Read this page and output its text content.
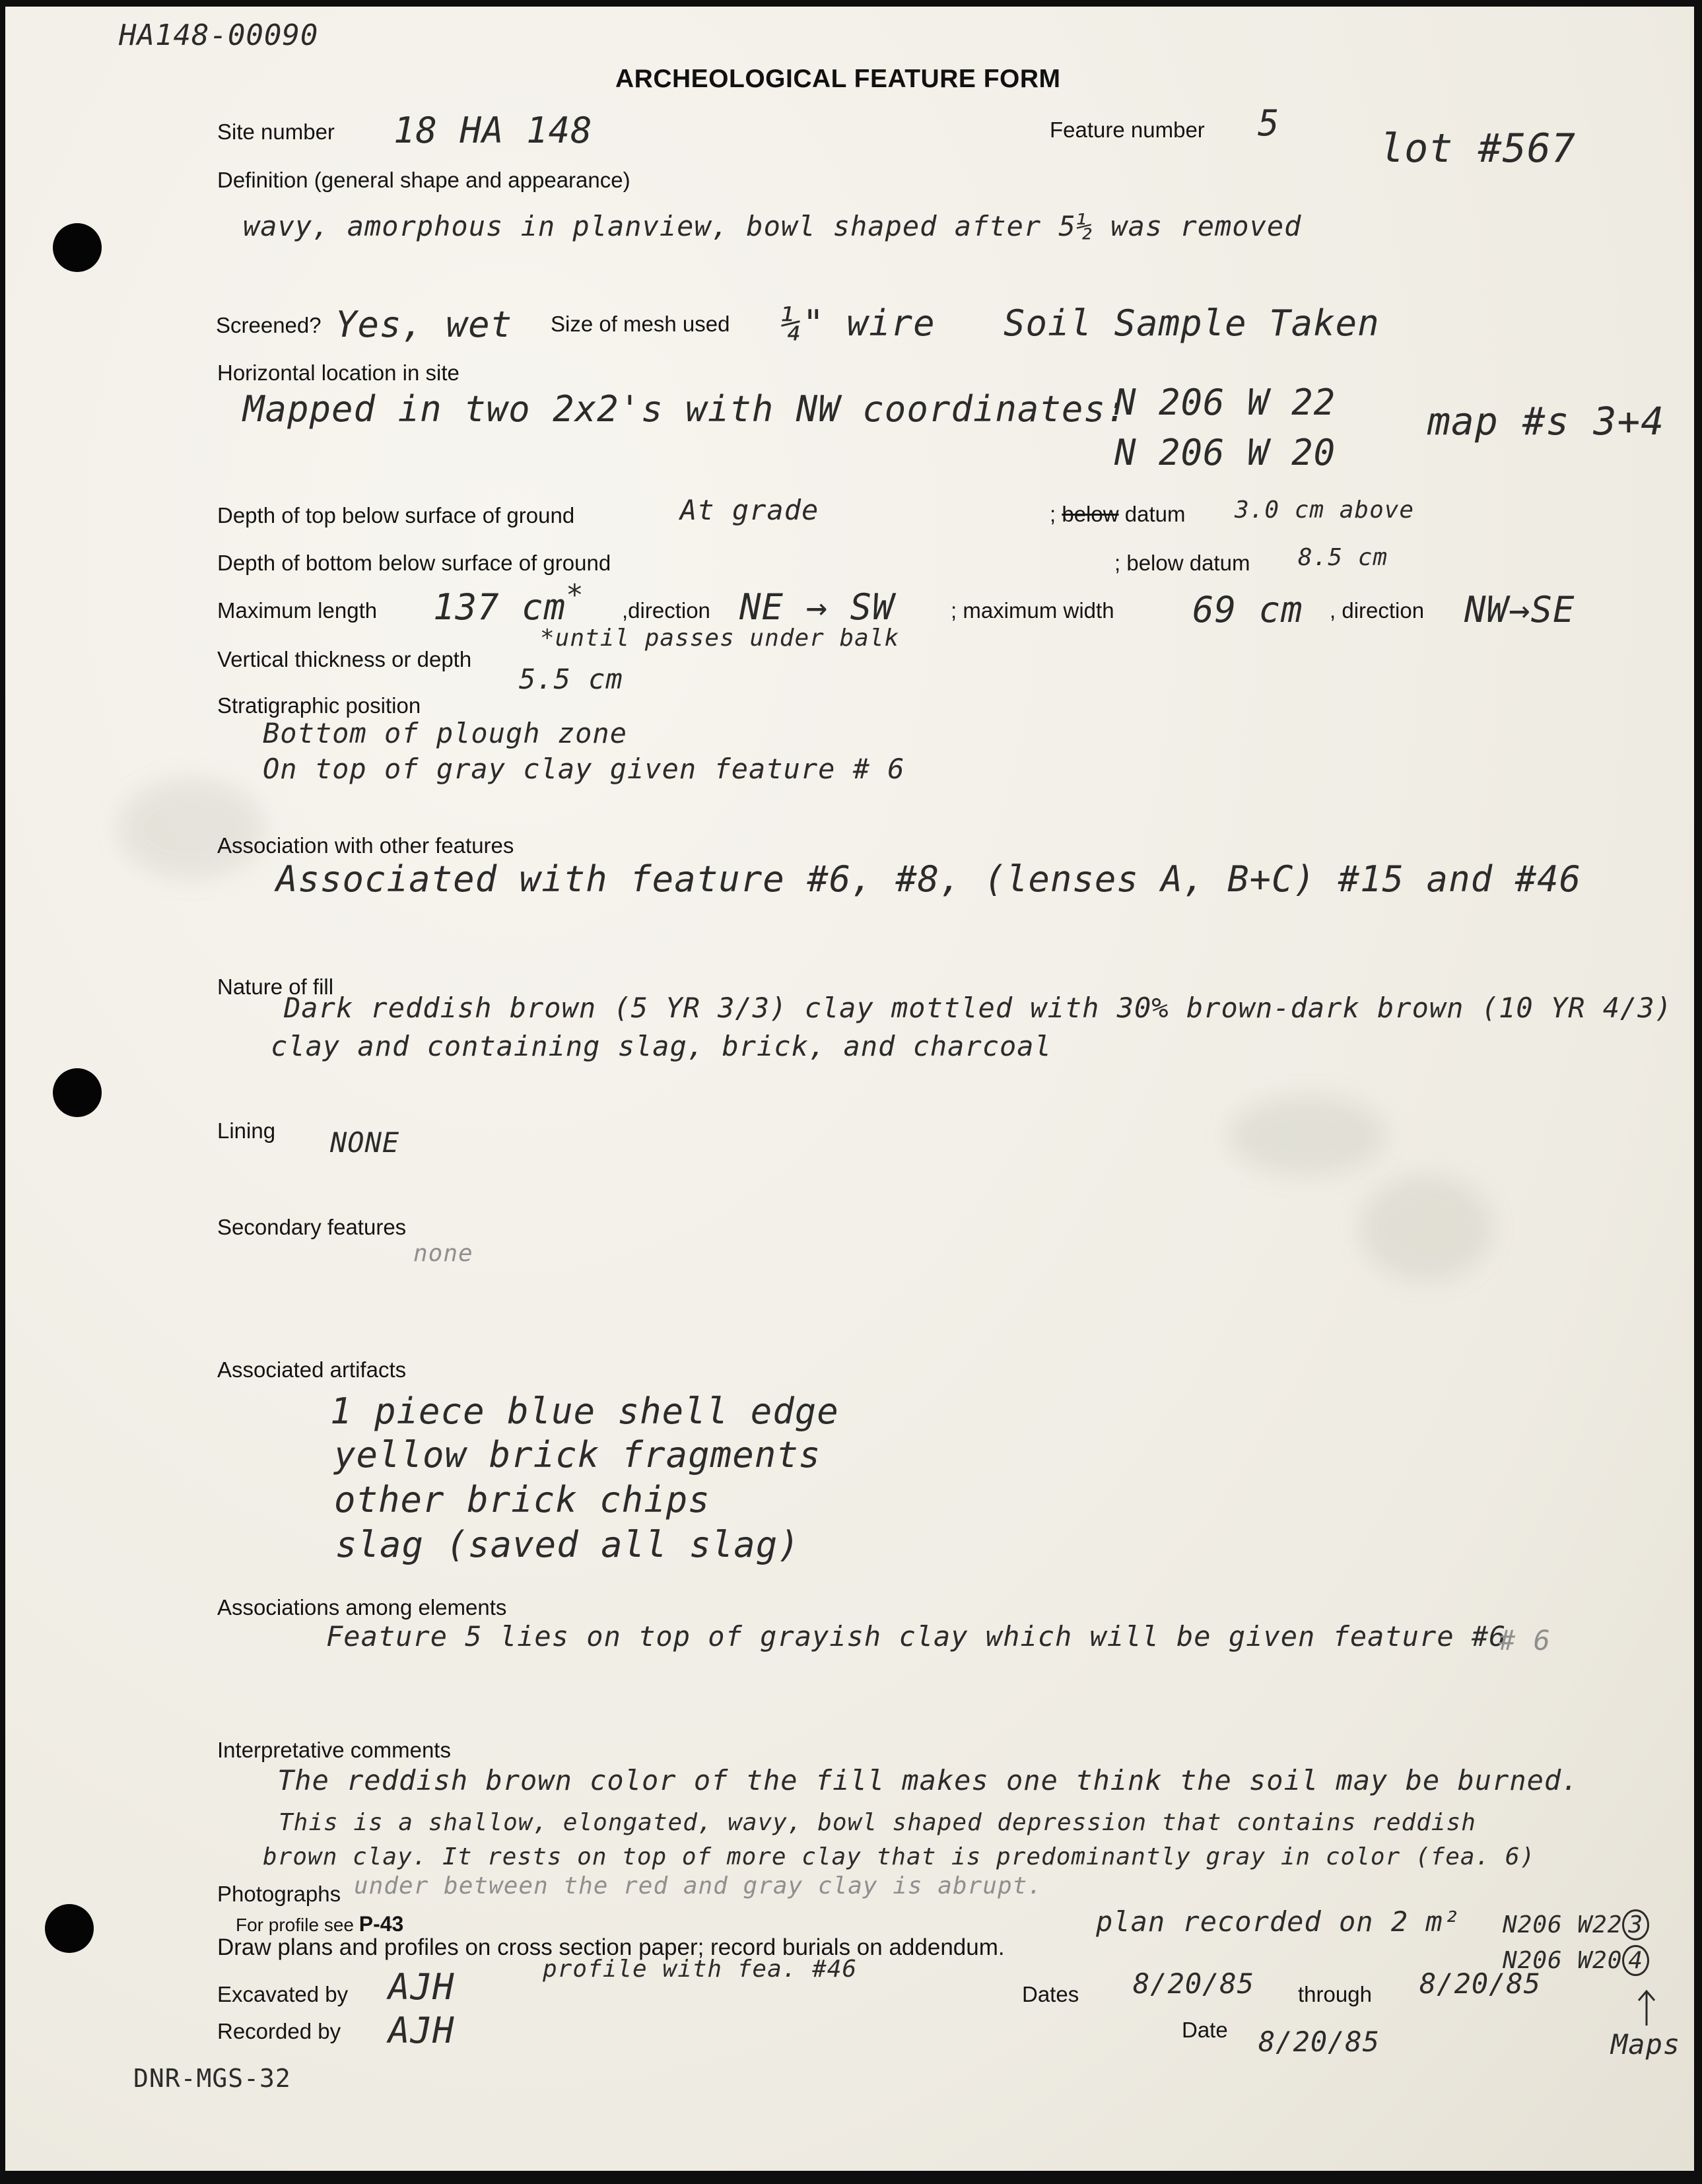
HA148-00090
ARCHEOLOGICAL FEATURE FORM
Site number 18 HA 148	Feature number 5
lot #567
Definition (general shape and appearance)
wavy, amorphous in planview, bowl shaped after 5½ was removed
Screened? Yes, wet Size of mesh used ¼" wire Soil Sample Taken
Horizontal location in site
Mapped in two 2x2's with NW coordinates:
N 206 W 22
N 206 W 20
map #s 3+4
Depth of top below surface of ground	At grade	; below datum 3.0 cm above
Depth of bottom below surface of ground	; below datum 8.5 cm
Maximum length 137 cm* ,direction NE → SW	; maximum width 69 cm , direction NW→SE
*until passes under balk
Vertical thickness or depth
5.5 cm
Stratigraphic position
Bottom of plough zone
On top of gray clay given feature # 6
Association with other features
Associated with feature #6, #8, (lenses A, B+C) #15 and #46
Nature of fill
Dark reddish brown (5 YR 3/3) clay mottled with 30% brown-dark brown (10 YR 4/3)
clay and containing slag, brick, and charcoal
Lining NONE
Secondary features
none
Associated artifacts
1 piece blue shell edge
yellow brick fragments
other brick chips
slag (saved all slag)
Associations among elements
Feature 5 lies on top of grayish clay which will be given feature #6
# 6
Interpretative comments
The reddish brown color of the fill makes one think the soil may be burned.
This is a shallow, elongated, wavy, bowl shaped depression that contains reddish
brown clay. It rests on top of more clay that is predominantly gray in color (fea. 6)
under between the red and gray clay is abrupt.
Photographs
For profile see P-43
Draw plans and profiles on cross section paper; record burials on addendum.
plan recorded on 2 m² N206 W22 3
N206 W20 4
profile with fea. #46
Excavated by AJH	Dates 8/20/85 through 8/20/85
Recorded by AJH	Date 8/20/85	Maps
DNR-MGS-32
